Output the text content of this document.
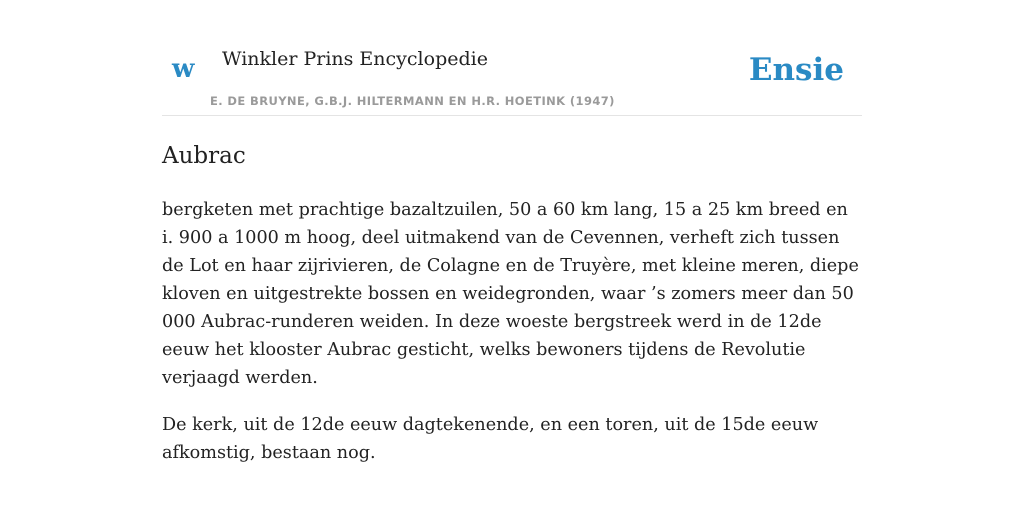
w Winkler Prins Encyclopedie
E. DE BRUYNE, G.B.J. HILTERMANN EN H.R. HOETINK (1947)
Ensie
Aubrac

bergketen met prachtige bazaltzuilen, 50 a 60 km lang, 15 a 25 km breed en i. 900 a 1000 m hoog, deel uitmakend van de Cevennen, verheft zich tussen de Lot en haar zijrivieren, de Colagne en de Truyère, met kleine meren, diepe kloven en uitgestrekte bossen en weidegronden, waar ’s zomers meer dan 50 000 Aubrac-runderen weiden. In deze woeste bergstreek werd in de 12de eeuw het klooster Aubrac gesticht, welks bewoners tijdens de Revolutie verjaagd werden.

De kerk, uit de 12de eeuw dagtekenende, en een toren, uit de 15de eeuw afkomstig, bestaan nog.
